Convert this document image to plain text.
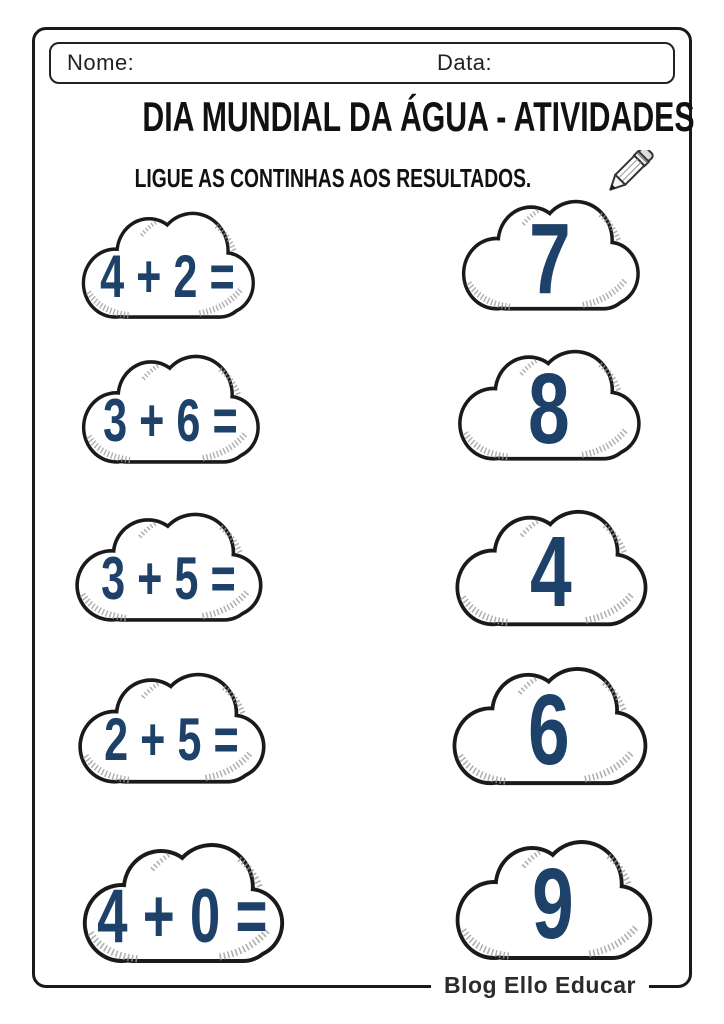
Nome:	Data:
DIA MUNDIAL DA ÁGUA - ATIVIDADES
LIGUE AS CONTINHAS AOS RESULTADOS.
4 + 2 =	7
3 + 6 =	8
3 + 5 =	4
2 + 5 =	6
4 + 0 =	9
Blog Ello Educar
